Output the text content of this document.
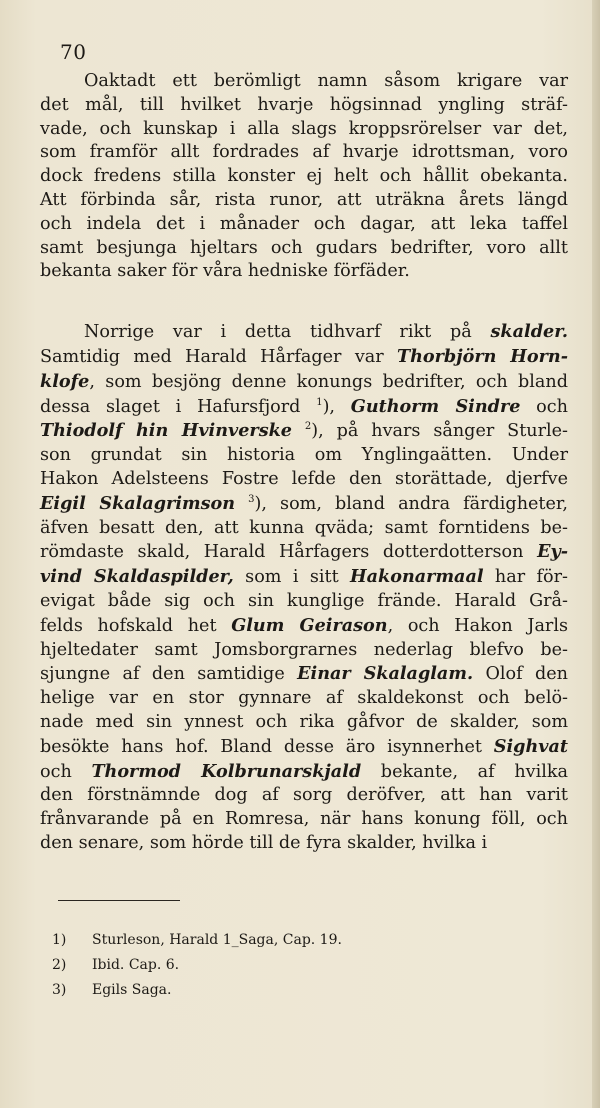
70
Oaktadt ett berömligt namn såsom krigare var
det mål, till hvilket hvarje högsinnad yngling sträf-
vade, och kunskap i alla slags kroppsrörelser var det,
som framför allt fordrades af hvarje idrottsman, voro
dock fredens stilla konster ej helt och hållit obekanta.
Att förbinda sår, rista runor, att uträkna årets längd
och indela det i månader och dagar, att leka taffel
samt besjunga hjeltars och gudars bedrifter, voro allt
bekanta saker för våra hedniske förfäder.
Norrige var i detta tidhvarf rikt på skalder.
Samtidig med Harald Hårfager var Thorbjörn Horn-
klofe, som besjöng denne konungs bedrifter, och bland
dessa slaget i Hafursfjord $^1$), Guthorm Sindre och
Thiodolf hin Hvinverske $^2$), på hvars sånger Sturle-
son grundat sin historia om Ynglingaätten. Under
Hakon Adelsteens Fostre lefde den storättade, djerfve
Eigil Skalagrimson $^3$), som, bland andra färdigheter,
äfven besatt den, att kunna qväda; samt forntidens be-
römdaste skald, Harald Hårfagers dotterdotterson Ey-
vind Skaldaspilder, som i sitt Hakonarmaal har för-
evigat både sig och sin kunglige frände. Harald Grå-
felds hofskald het Glum Geirason, och Hakon Jarls
hjeltedater samt Jomsborgrarnes nederlag blefvo be-
sjungne af den samtidige Einar Skalaglam. Olof den
helige var en stor gynnare af skaldekonst och belö-
nade med sin ynnest och rika gåfvor de skalder, som
besökte hans hof. Bland desse äro isynnerhet Sighvat
och Thormod Kolbrunarskjald bekante, af hvilka
den förstnämnde dog af sorg deröfver, att han varit
frånvarande på en Romresa, när hans konung föll, och
den senare, som hörde till de fyra skalder, hvilka i
1) Sturleson, Harald 1_Saga, Cap. 19.
2) Ibid. Cap. 6.
3) Egils Saga.
